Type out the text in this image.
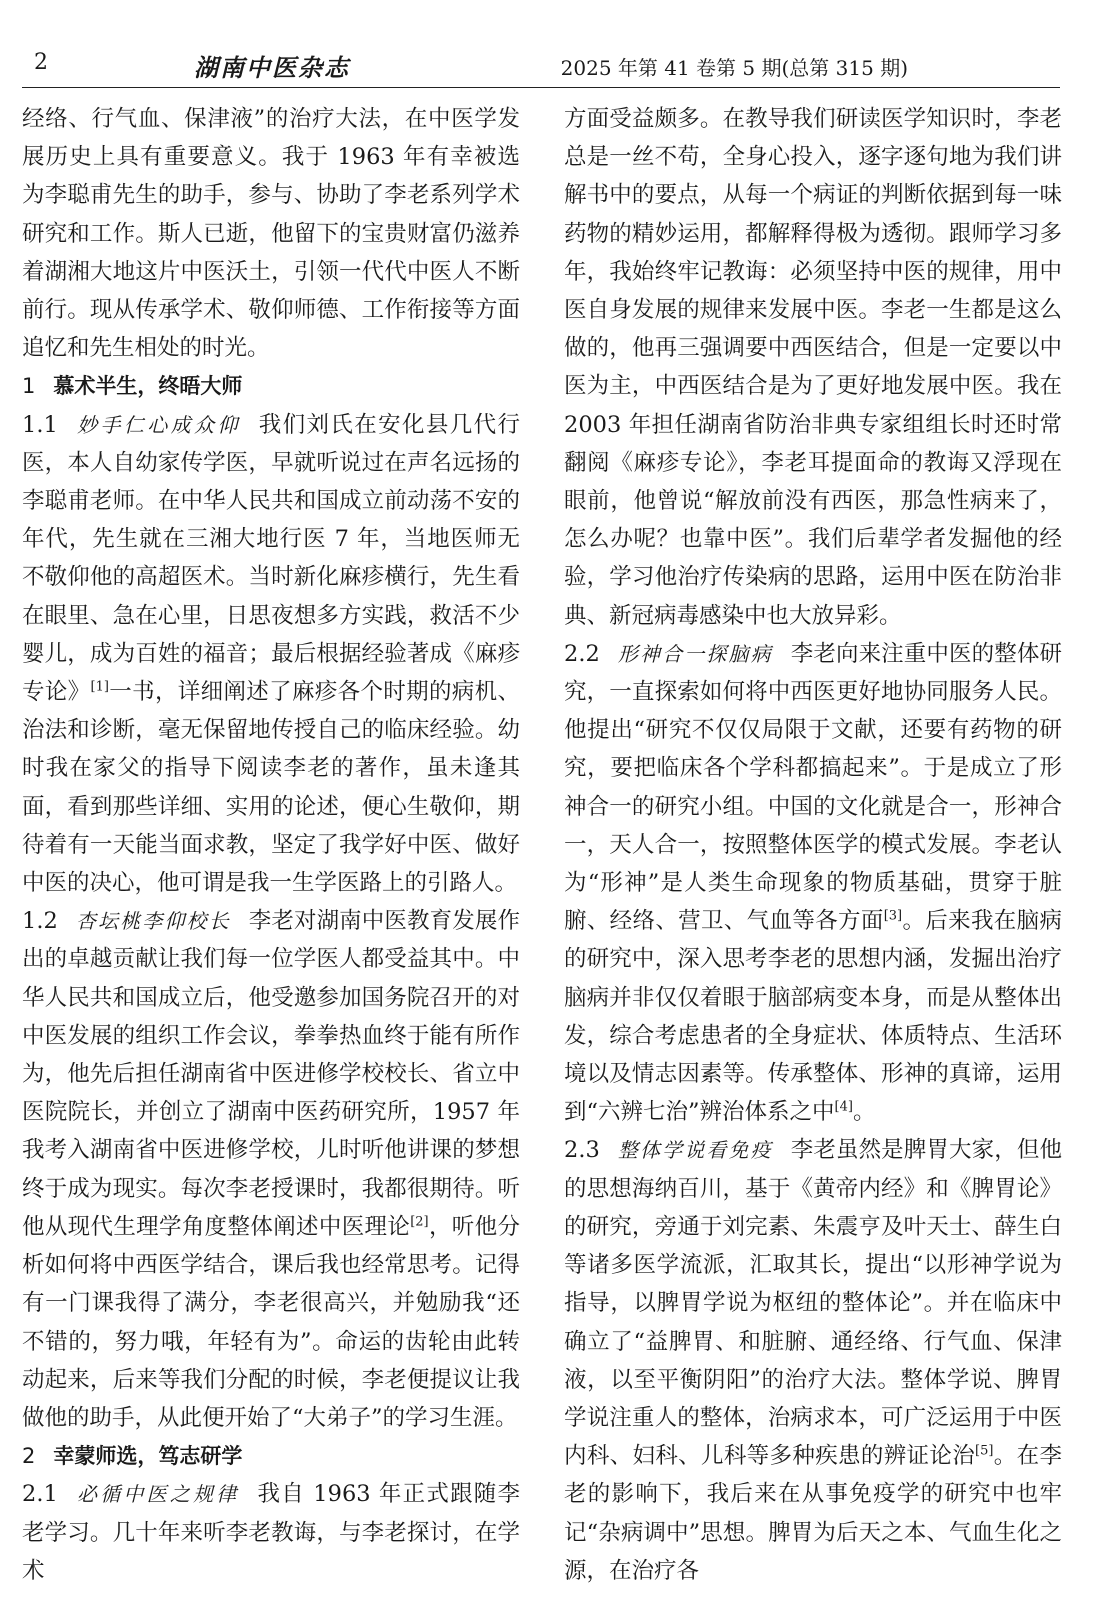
2	湖南中医杂志	2025 年第 41 卷第 5 期(总第 315 期)

经络、行气血、保津液”的治疗大法，在中医学发展历史上具有重要意义。我于 1963 年有幸被选为李聪甫先生的助手，参与、协助了李老系列学术研究和工作。斯人已逝，他留下的宝贵财富仍滋养着湖湘大地这片中医沃土，引领一代代中医人不断前行。现从传承学术、敬仰师德、工作衔接等方面追忆和先生相处的时光。

1 慕术半生，终晤大师

1.1 妙手仁心成众仰 我们刘氏在安化县几代行医，本人自幼家传学医，早就听说过在声名远扬的李聪甫老师。在中华人民共和国成立前动荡不安的年代，先生就在三湘大地行医 7 年，当地医师无不敬仰他的高超医术。当时新化麻疹横行，先生看在眼里、急在心里，日思夜想多方实践，救活不少婴儿，成为百姓的福音；最后根据经验著成《麻疹专论》[1]一书，详细阐述了麻疹各个时期的病机、治法和诊断，毫无保留地传授自己的临床经验。幼时我在家父的指导下阅读李老的著作，虽未逢其面，看到那些详细、实用的论述，便心生敬仰，期待着有一天能当面求教，坚定了我学好中医、做好中医的决心，他可谓是我一生学医路上的引路人。

1.2 杏坛桃李仰校长 李老对湖南中医教育发展作出的卓越贡献让我们每一位学医人都受益其中。中华人民共和国成立后，他受邀参加国务院召开的对中医发展的组织工作会议，拳拳热血终于能有所作为，他先后担任湖南省中医进修学校校长、省立中医院院长，并创立了湖南中医药研究所，1957 年我考入湖南省中医进修学校，儿时听他讲课的梦想终于成为现实。每次李老授课时，我都很期待。听他从现代生理学角度整体阐述中医理论[2]，听他分析如何将中西医学结合，课后我也经常思考。记得有一门课我得了满分，李老很高兴，并勉励我“还不错的，努力哦，年轻有为”。命运的齿轮由此转动起来，后来等我们分配的时候，李老便提议让我做他的助手，从此便开始了“大弟子”的学习生涯。

2 幸蒙师选，笃志研学

2.1 必循中医之规律 我自 1963 年正式跟随李老学习。几十年来听李老教诲，与李老探讨，在学术

方面受益颇多。在教导我们研读医学知识时，李老总是一丝不苟，全身心投入，逐字逐句地为我们讲解书中的要点，从每一个病证的判断依据到每一味药物的精妙运用，都解释得极为透彻。跟师学习多年，我始终牢记教诲：必须坚持中医的规律，用中医自身发展的规律来发展中医。李老一生都是这么做的，他再三强调要中西医结合，但是一定要以中医为主，中西医结合是为了更好地发展中医。我在 2003 年担任湖南省防治非典专家组组长时还时常翻阅《麻疹专论》，李老耳提面命的教诲又浮现在眼前，他曾说“解放前没有西医，那急性病来了，怎么办呢？也靠中医”。我们后辈学者发掘他的经验，学习他治疗传染病的思路，运用中医在防治非典、新冠病毒感染中也大放异彩。

2.2 形神合一探脑病 李老向来注重中医的整体研究，一直探索如何将中西医更好地协同服务人民。他提出“研究不仅仅局限于文献，还要有药物的研究，要把临床各个学科都搞起来”。于是成立了形神合一的研究小组。中国的文化就是合一，形神合一，天人合一，按照整体医学的模式发展。李老认为“形神”是人类生命现象的物质基础，贯穿于脏腑、经络、营卫、气血等各方面[3]。后来我在脑病的研究中，深入思考李老的思想内涵，发掘出治疗脑病并非仅仅着眼于脑部病变本身，而是从整体出发，综合考虑患者的全身症状、体质特点、生活环境以及情志因素等。传承整体、形神的真谛，运用到“六辨七治”辨治体系之中[4]。

2.3 整体学说看免疫 李老虽然是脾胃大家，但他的思想海纳百川，基于《黄帝内经》和《脾胃论》的研究，旁通于刘完素、朱震亨及叶天士、薛生白等诸多医学流派，汇取其长，提出“以形神学说为指导，以脾胃学说为枢纽的整体论”。并在临床中确立了“益脾胃、和脏腑、通经络、行气血、保津液，以至平衡阴阳”的治疗大法。整体学说、脾胃学说注重人的整体，治病求本，可广泛运用于中医内科、妇科、儿科等多种疾患的辨证论治[5]。在李老的影响下，我后来在从事免疫学的研究中也牢记“杂病调中”思想。脾胃为后天之本、气血生化之源，在治疗各
